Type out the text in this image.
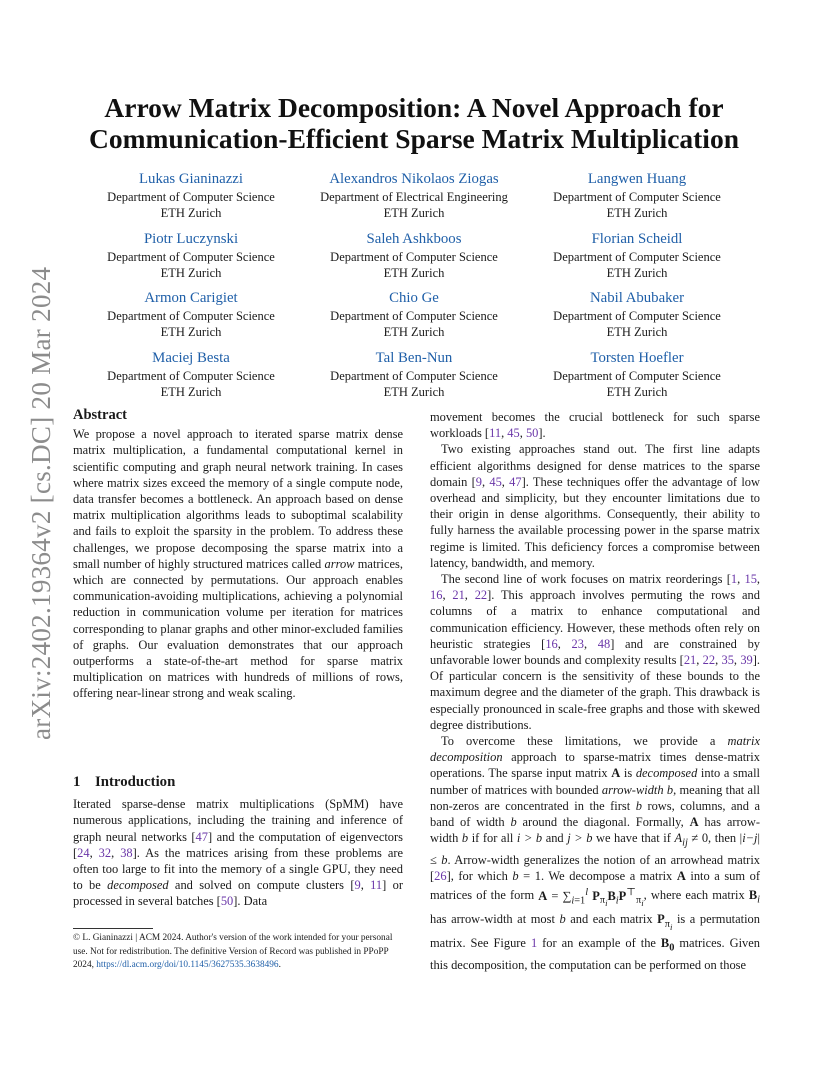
arXiv:2402.19364v2 [cs.DC] 20 Mar 2024
Arrow Matrix Decomposition: A Novel Approach for
Communication-Efficient Sparse Matrix Multiplication
Lukas Gianinazzi
Department of Computer Science
ETH Zurich
Alexandros Nikolaos Ziogas
Department of Electrical Engineering
ETH Zurich
Langwen Huang
Department of Computer Science
ETH Zurich
Piotr Luczynski
Department of Computer Science
ETH Zurich
Saleh Ashkboos
Department of Computer Science
ETH Zurich
Florian Scheidl
Department of Computer Science
ETH Zurich
Armon Carigiet
Department of Computer Science
ETH Zurich
Chio Ge
Department of Computer Science
ETH Zurich
Nabil Abubaker
Department of Computer Science
ETH Zurich
Maciej Besta
Department of Computer Science
ETH Zurich
Tal Ben-Nun
Department of Computer Science
ETH Zurich
Torsten Hoefler
Department of Computer Science
ETH Zurich
Abstract

We propose a novel approach to iterated sparse matrix dense matrix multiplication, a fundamental computational kernel in scientific computing and graph neural network training. In cases where matrix sizes exceed the memory of a single compute node, data transfer becomes a bottleneck. An approach based on dense matrix multiplication algorithms leads to suboptimal scalability and fails to exploit the sparsity in the problem. To address these challenges, we propose decomposing the sparse matrix into a small number of highly structured matrices called arrow matrices, which are connected by permutations. Our approach enables communication-avoiding multiplications, achieving a polynomial reduction in communication volume per iteration for matrices corresponding to planar graphs and other minor-excluded families of graphs. Our evaluation demonstrates that our approach outperforms a state-of-the-art method for sparse matrix multiplication on matrices with hundreds of millions of rows, offering near-linear strong and weak scaling.

1 Introduction

Iterated sparse-dense matrix multiplications (SpMM) have numerous applications, including the training and inference of graph neural networks [47] and the computation of eigenvectors [24, 32, 38]. As the matrices arising from these problems are often too large to fit into the memory of a single GPU, they need to be decomposed and solved on compute clusters [9, 11] or processed in several batches [50]. Data

© L. Gianinazzi | ACM 2024. Author's version of the work intended for your personal use. Not for redistribution. The definitive Version of Record was published in PPoPP 2024, https://dl.acm.org/doi/10.1145/3627535.3638496.

movement becomes the crucial bottleneck for such sparse workloads [11, 45, 50].

Two existing approaches stand out. The first line adapts efficient algorithms designed for dense matrices to the sparse domain [9, 45, 47]. These techniques offer the advantage of low overhead and simplicity, but they encounter limitations due to their origin in dense algorithms. Consequently, their ability to fully harness the available processing power in the sparse matrix regime is limited. This deficiency forces a compromise between latency, bandwidth, and memory.

The second line of work focuses on matrix reorderings [1, 15, 16, 21, 22]. This approach involves permuting the rows and columns of a matrix to enhance computational and communication efficiency. However, these methods often rely on heuristic strategies [16, 23, 48] and are constrained by unfavorable lower bounds and complexity results [21, 22, 35, 39]. Of particular concern is the sensitivity of these bounds to the maximum degree and the diameter of the graph. This drawback is especially pronounced in scale-free graphs and those with skewed degree distributions.

To overcome these limitations, we provide a matrix decomposition approach to sparse-matrix times dense-matrix operations. The sparse input matrix A is decomposed into a small number of matrices with bounded arrow-width b, meaning that all non-zeros are concentrated in the first b rows, columns, and a band of width b around the diagonal. Formally, A has arrow-width b if for all i > b and j > b we have that if $A_{ij} \ne 0$, then |i−j| ≤ b. Arrow-width generalizes the notion of an arrowhead matrix [26], for which b = 1. We decompose a matrix A into a sum of matrices of the form $A = \sum_{i=1}^l$ $P_{\pi_i}B_iP^⊤_{\pi_i}$, where each matrix $B_i$ has arrow-width at most b and each matrix $P_{\pi_i}$ is a permutation matrix. See Figure 1 for an example of the $B_0$ matrices. Given this decomposition, the computation can be performed on those
